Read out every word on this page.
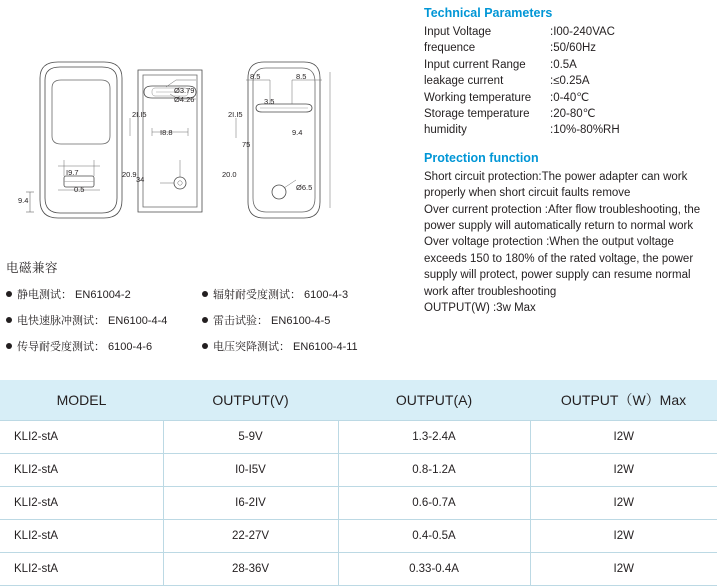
9.4
I9.7
0.5
Ø3.79
Ø4.26
2I.I5
I8.8
20.9
34
8.5	8.5
3.5
9.4
2I.I5
20.0
75
Ø6.5
电磁兼容
静电测试： EN61004-2	辐射耐受度测试： 6100-4-3
电快速脉冲测试： EN6100-4-4	雷击试验： EN6100-4-5
传导耐受度测试： 6100-4-6	电压突降测试： EN6100-4-11
Technical Parameters
Input Voltage	:I00-240VAC
frequence	:50/60Hz
Input current Range :0.5A
leakage current	:≤0.25A
Working temperature :0-40℃
Storage temperature :20-80℃
humidity	:10%-80%RH
Protection function

Short circuit protection:The power adapter can work properly when short circuit faults remove

Over current protection :After flow troubleshooting, the power supply will automatically return to normal work

Over voltage protection :When the output voltage exceeds 150 to 180% of the rated voltage, the power supply will protect, power supply can resume normal work after troubleshooting

OUTPUT(W) :3w Max

MODEL	OUTPUT(V)	OUTPUT(A)	OUTPUT（W）Max
KLI2-stA	5-9V	1.3-2.4A	I2W
KLI2-stA	I0-I5V	0.8-1.2A	I2W
KLI2-stA	I6-2IV	0.6-0.7A	I2W
KLI2-stA	22-27V	0.4-0.5A	I2W
KLI2-stA	28-36V	0.33-0.4A	I2W
